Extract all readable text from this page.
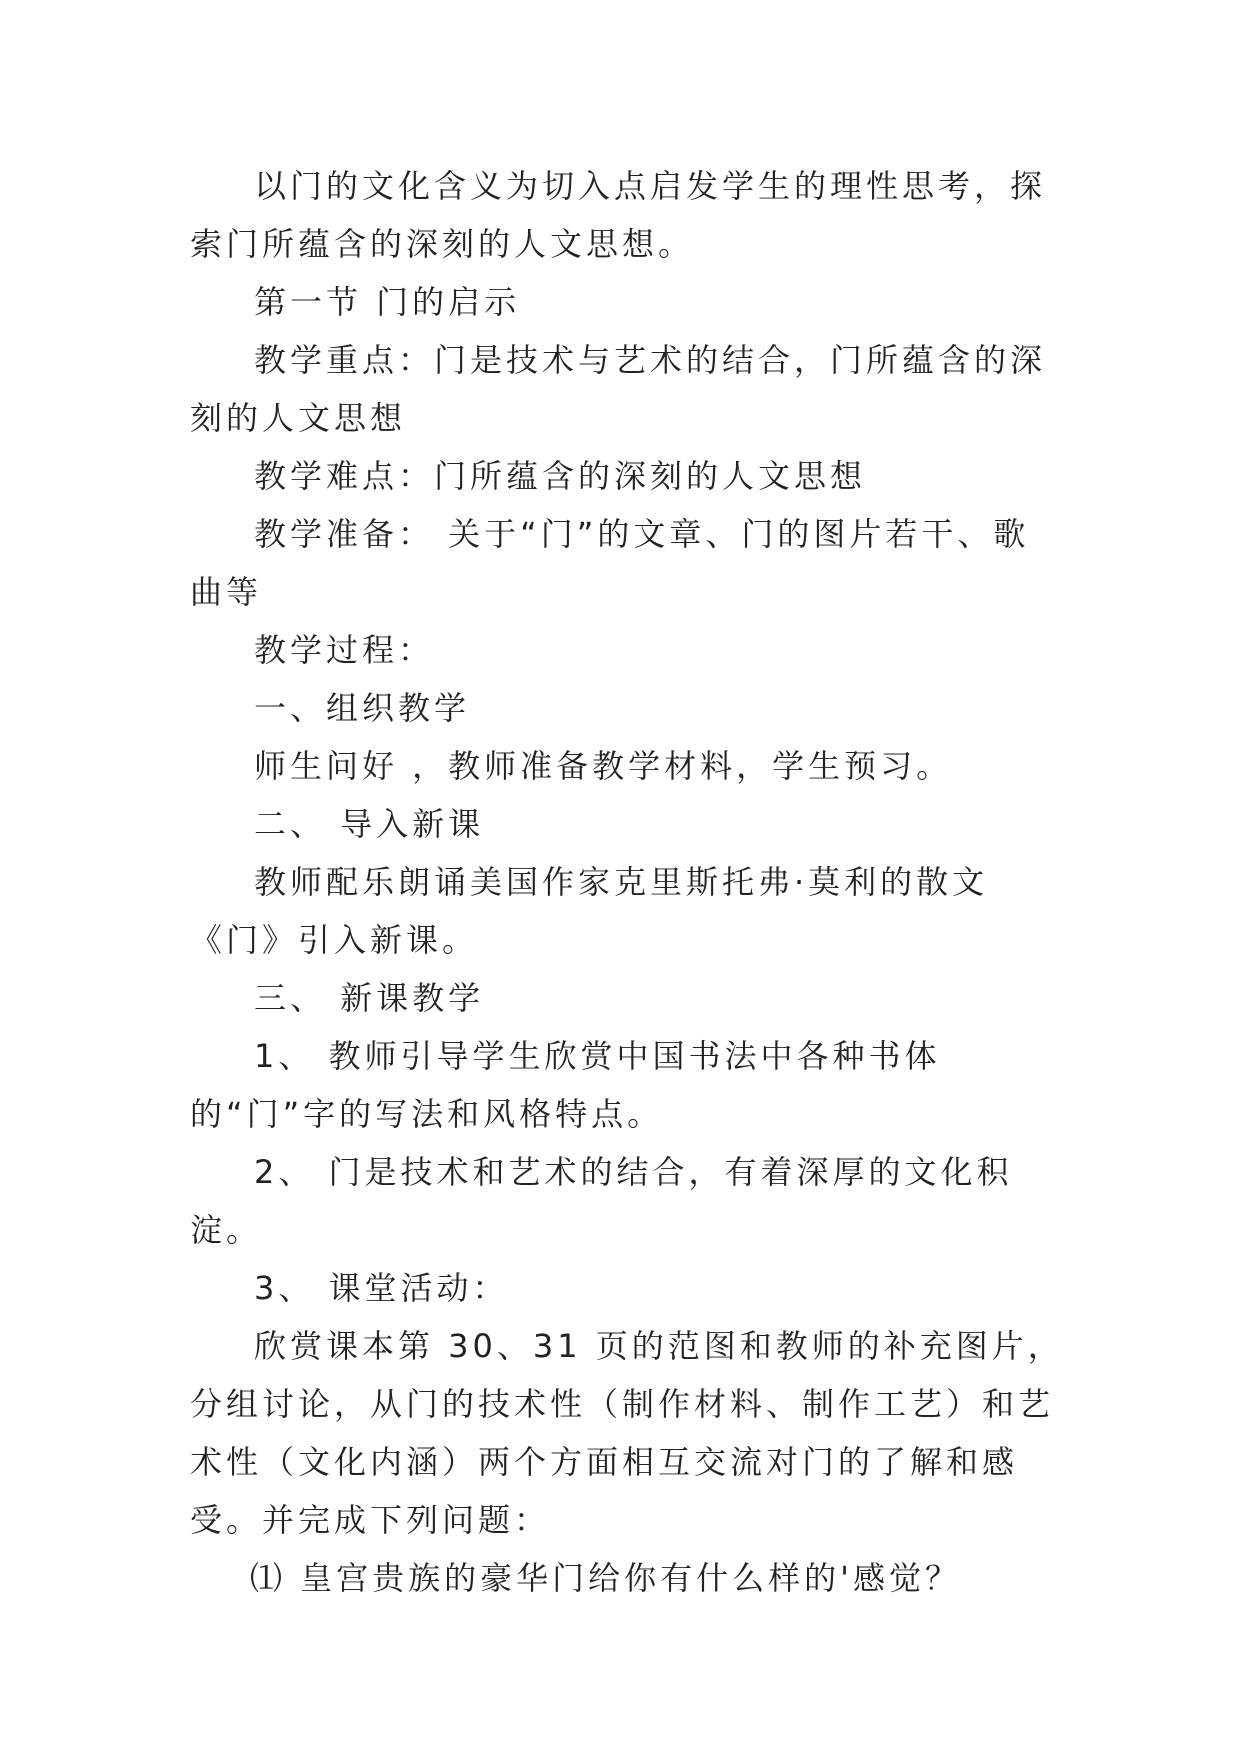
以门的文化含义为切入点启发学生的理性思考，探索门所蕴含的深刻的人文思想。

第一节 门的启示

教学重点：门是技术与艺术的结合，门所蕴含的深刻的人文思想

教学难点：门所蕴含的深刻的人文思想

教学准备： 关于“门”的文章、门的图片若干、歌曲等

教学过程：

一、组织教学

师生问好 ，教师准备教学材料，学生预习。

二、 导入新课

教师配乐朗诵美国作家克里斯托弗·莫利的散文《门》引入新课。

三、 新课教学

1、 教师引导学生欣赏中国书法中各种书体的“门”字的写法和风格特点。

2、 门是技术和艺术的结合，有着深厚的文化积淀。

3、 课堂活动：

欣赏课本第 30、31 页的范图和教师的补充图片，分组讨论，从门的技术性（制作材料、制作工艺）和艺术性（文化内涵）两个方面相互交流对门的了解和感受。并完成下列问题：

⑴ 皇宫贵族的豪华门给你有什么样的'感觉？
